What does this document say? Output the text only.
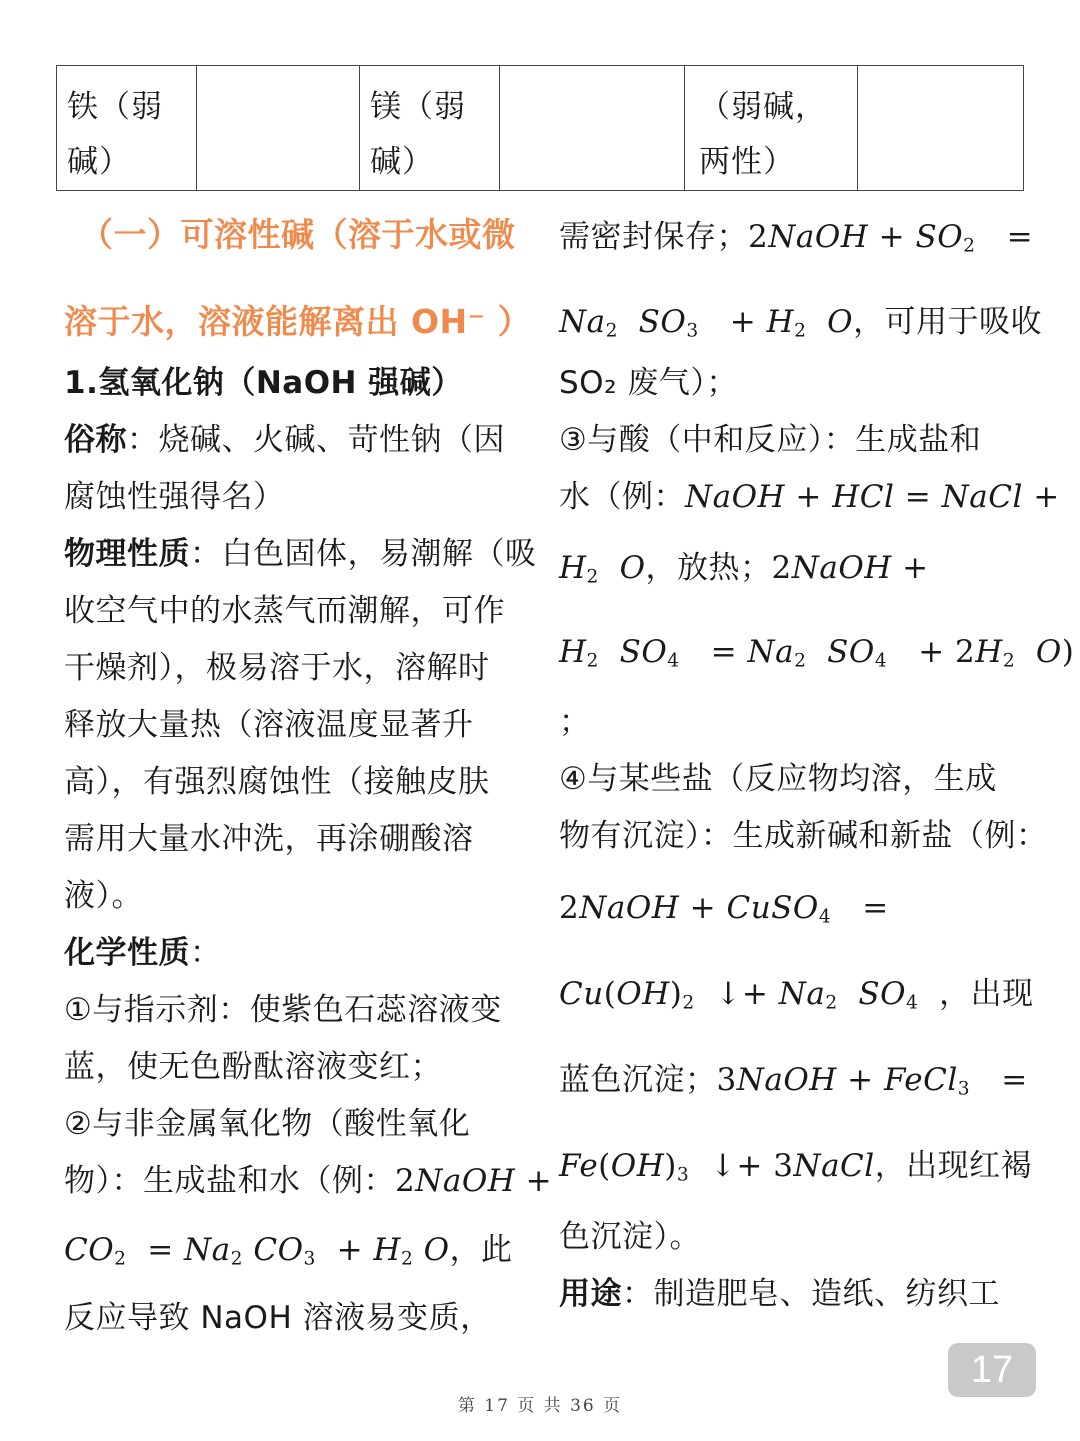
铁（弱碱）		镁（弱碱）		（弱碱，两性）	
（一）可溶性碱（溶于水或微
溶于水，溶液能解离出 OH⁻ ）
1.氢氧化钠（NaOH 强碱）
俗称：烧碱、火碱、苛性钠（因
腐蚀性强得名）
物理性质：白色固体，易潮解（吸
收空气中的水蒸气而潮解，可作
干燥剂），极易溶于水，溶解时
释放大量热（溶液温度显著升
高），有强烈腐蚀性（接触皮肤
需用大量水冲洗，再涂硼酸溶
液）。
化学性质：
①与指示剂：使紫色石蕊溶液变
蓝，使无色酚酞溶液变红；
②与非金属氧化物（酸性氧化
物）：生成盐和水（例：2NaOH +
$CO_2 = Na_2$ $CO_3 + H_2$ O，此
反应导致 NaOH 溶液易变质，
需密封保存；2NaOH + $SO_2$ =
$Na_2$  $SO_3 + H_2$  O，可用于吸收
SO₂ 废气）；
③与酸（中和反应）：生成盐和
水（例：NaOH + HCl = NaCl +
$H_2$  O，放热；2NaOH +
$H_2$  $SO_4 = Na_2$  $SO_4 + 2H_2$  O)
；
④与某些盐（反应物均溶，生成
物有沉淀）：生成新碱和新盐（例：
2NaOH + CuSO$_4$ =
$Cu(OH)_2$ ↓+ $Na_2$  $SO_4$ ，出现
蓝色沉淀；3NaOH + FeCl$_3$ =
$Fe(OH)_3$ ↓+ 3NaCl，出现红褐
色沉淀）。
用途：制造肥皂、造纸、纺织工
17
第 17 页 共 36 页
